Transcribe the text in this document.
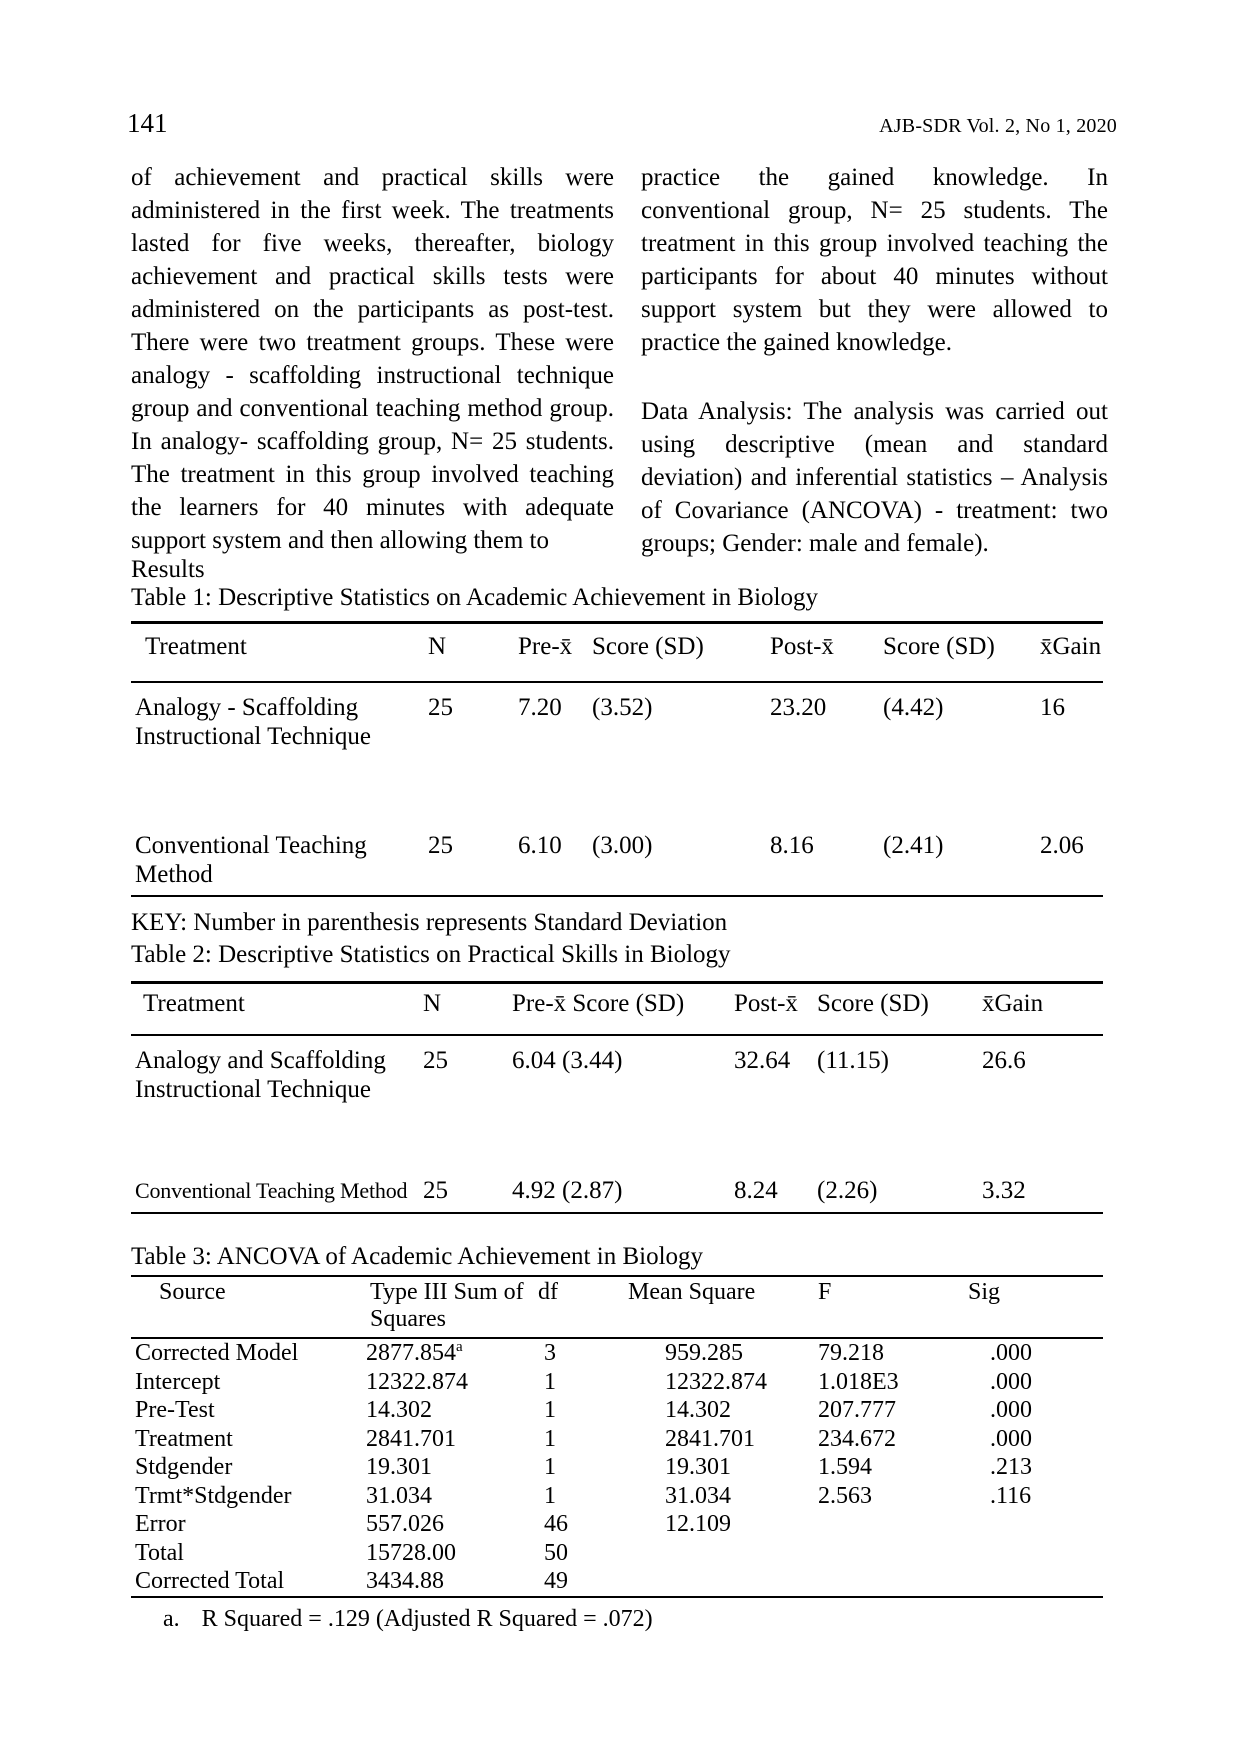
141	AJB-SDR Vol. 2, No 1, 2020

of achievement and practical skills were administered in the first week. The treatments lasted for five weeks, thereafter, biology achievement and practical skills tests were administered on the participants as post-test. There were two treatment groups. These were analogy - scaffolding instructional technique group and conventional teaching method group. In analogy- scaffolding group, N= 25 students. The treatment in this group involved teaching the learners for 40 minutes with adequate support system and then allowing them to

practice the gained knowledge. In conventional group, N= 25 students. The treatment in this group involved teaching the participants for about 40 minutes without support system but they were allowed to practice the gained knowledge.

Data Analysis: The analysis was carried out using descriptive (mean and standard deviation) and inferential statistics – Analysis of Covariance (ANCOVA) - treatment: two groups; Gender: male and female).

Results
Table 1: Descriptive Statistics on Academic Achievement in Biology
Treatment	N	Pre-x̄	Score (SD)	Post-x̄	Score (SD)	x̄Gain
Analogy - Scaffolding Instructional Technique	25	7.20	(3.52)	23.20	(4.42)	16
Conventional Teaching Method	25	6.10	(3.00)	8.16	(2.41)	2.06
KEY: Number in parenthesis represents Standard Deviation
Table 2: Descriptive Statistics on Practical Skills in Biology
Treatment	N	Pre-x̄ Score (SD)	Post-x̄	Score (SD)	x̄Gain
Analogy and Scaffolding Instructional Technique	25	6.04 (3.44)	32.64	(11.15)	26.6
Conventional Teaching Method	25	4.92 (2.87)	8.24	(2.26)	3.32
Table 3: ANCOVA of Academic Achievement in Biology
Source	Type III Sum of Squares	df	Mean Square	F	Sig
Corrected Model	2877.854$^a$	3	959.285	79.218	.000
Intercept	12322.874	1	12322.874	1.018E3	.000
Pre-Test	14.302	1	14.302	207.777	.000
Treatment	2841.701	1	2841.701	234.672	.000
Stdgender	19.301	1	19.301	1.594	.213
Trmt*Stdgender	31.034	1	31.034	2.563	.116
Error	557.026	46	12.109		
Total	15728.00	50			
Corrected Total	3434.88	49			
a. R Squared = .129 (Adjusted R Squared = .072)
